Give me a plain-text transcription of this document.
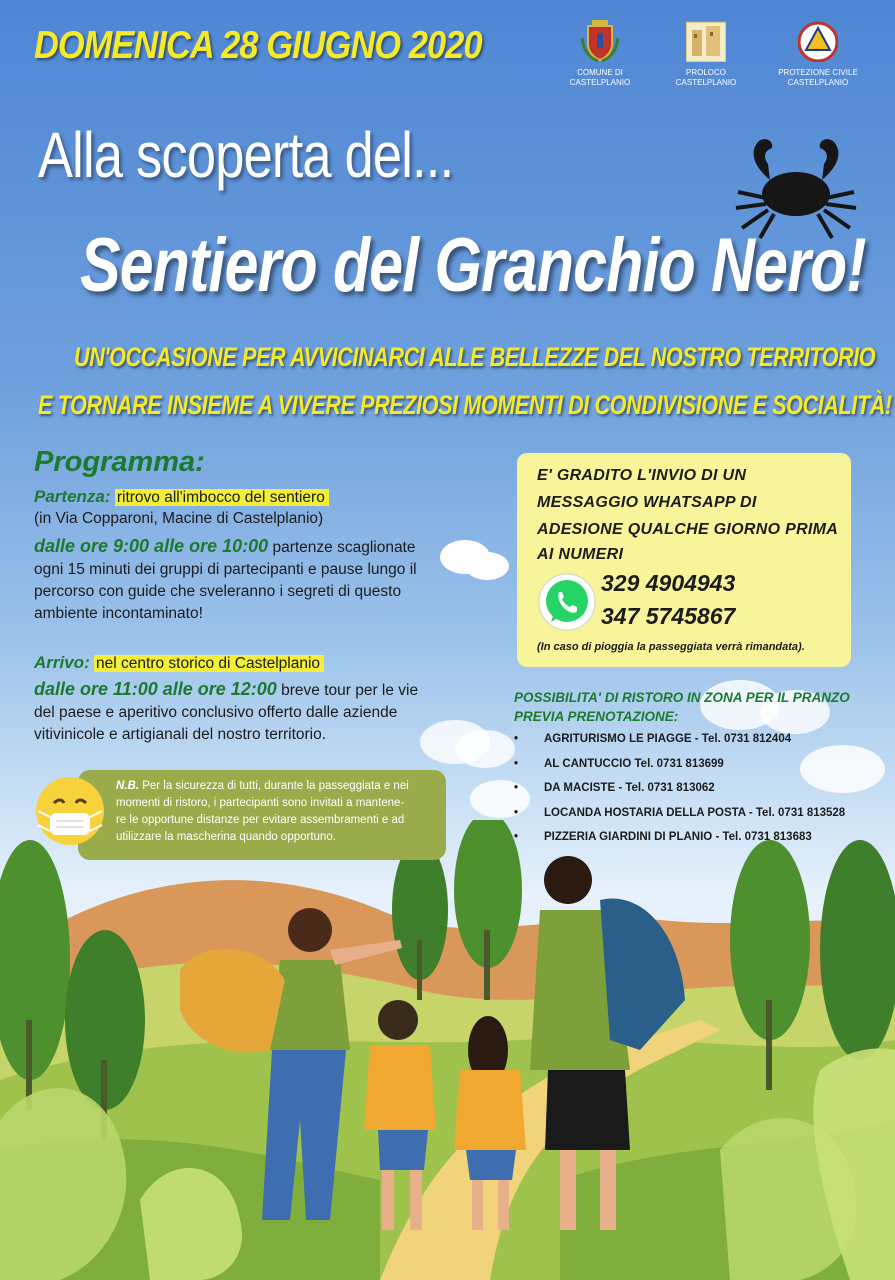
DOMENICA 28 GIUGNO 2020
COMUNE DI
CASTELPLANIO
PROLOCO
CASTELPLANIO
PROTEZIONE CIVILE
CASTELPLANIO
Alla scoperta del...
Sentiero del Granchio Nero!
UN'OCCASIONE PER AVVICINARCI ALLE BELLEZZE DEL NOSTRO TERRITORIO
E TORNARE INSIEME A VIVERE PREZIOSI MOMENTI DI CONDIVISIONE E SOCIALITÀ!
Programma:
Partenza: ritrovo all'imbocco del sentiero
(in Via Copparoni, Macine di Castelplanio)
dalle ore 9:00 alle ore 10:00 partenze scaglionate
ogni 15 minuti dei gruppi di partecipanti e pause lungo il
percorso con guide che sveleranno i segreti di questo
ambiente incontaminato!
Arrivo: nel centro storico di Castelplanio
dalle ore 11:00 alle ore 12:00 breve tour per le vie
del paese e aperitivo conclusivo offerto dalle aziende
vitivinicole e artigianali del nostro territorio.
E' GRADITO L'INVIO DI UN
MESSAGGIO WHATSAPP DI
ADESIONE QUALCHE GIORNO PRIMA
AI NUMERI
329 4904943
347 5745867
(In caso di pioggia la passeggiata verrà rimandata).
POSSIBILITA' DI RISTORO IN ZONA PER IL PRANZO
PREVIA PRENOTAZIONE:
• AGRITURISMO LE PIAGGE - Tel. 0731 812404
• AL CANTUCCIO Tel. 0731 813699
• DA MACISTE - Tel. 0731 813062
• LOCANDA HOSTARIA DELLA POSTA - Tel. 0731 813528
• PIZZERIA GIARDINI DI PLANIO - Tel. 0731 813683
N.B. Per la sicurezza di tutti, durante la passeggiata e nei
momenti di ristoro, i partecipanti sono invitati a mantene-
re le opportune distanze per evitare assembramenti e ad
utilizzare la mascherina quando opportuno.
